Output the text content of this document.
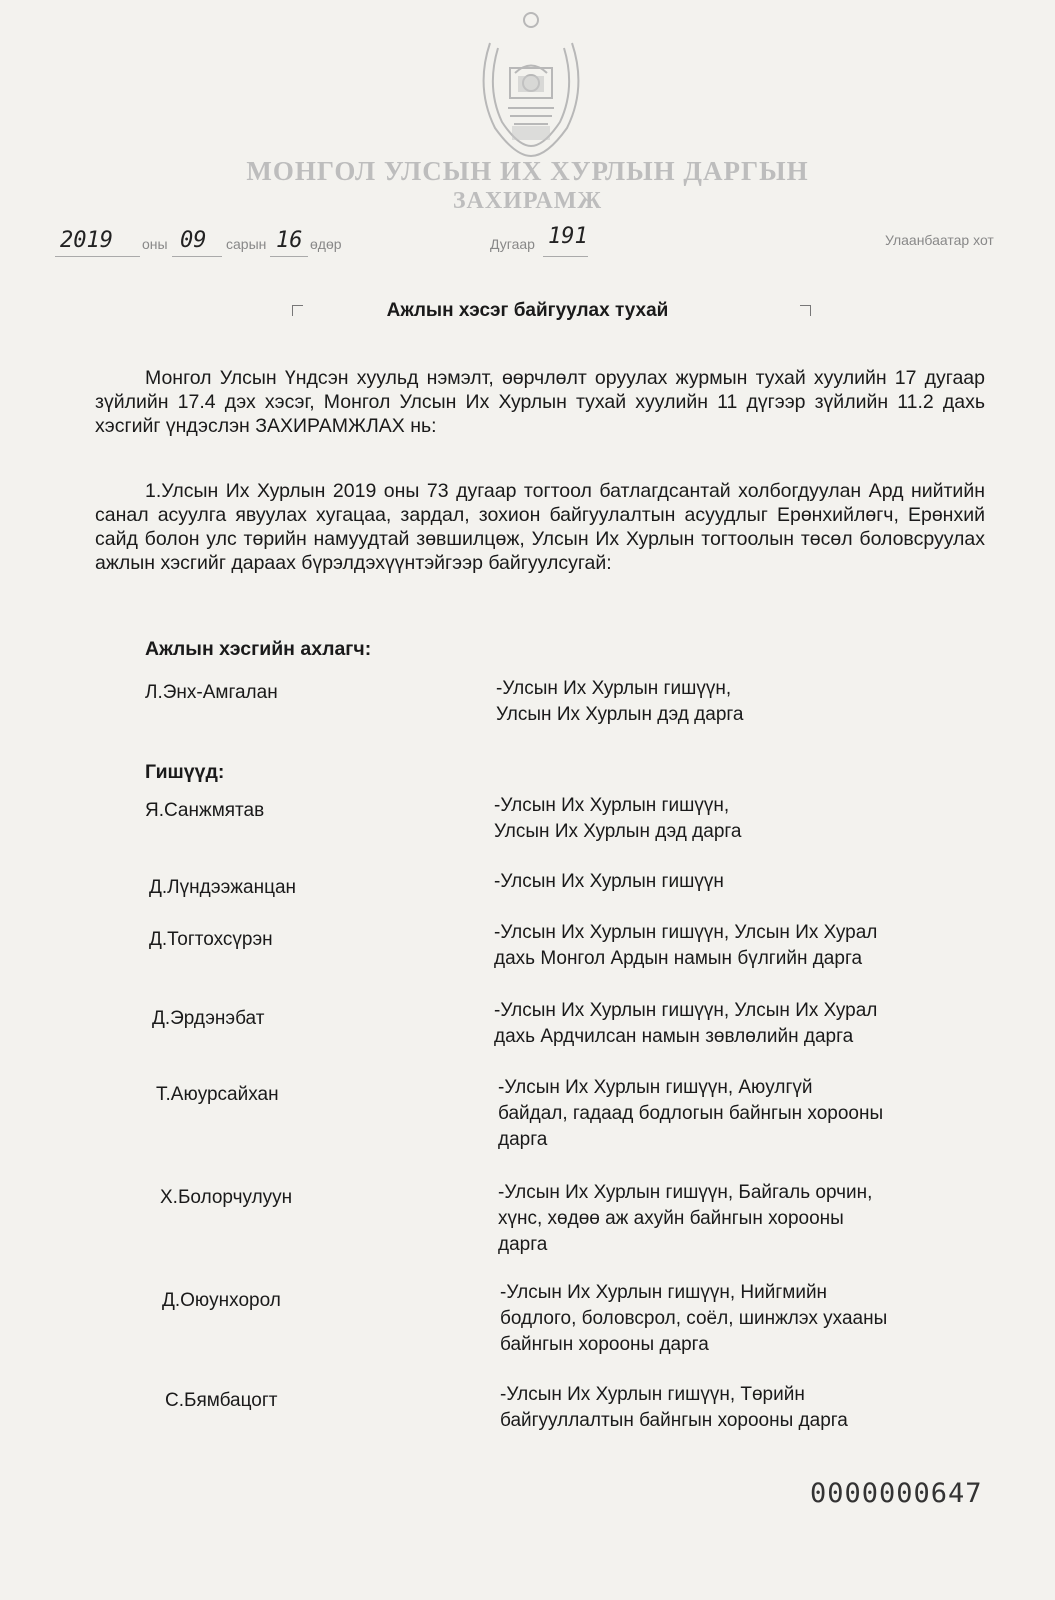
МОНГОЛ УЛСЫН ИХ ХУРЛЫН ДАРГЫН
ЗАХИРАМЖ
2019 оны 09 сарын 16 өдөр	Дугаар 191	Улаанбаатар хот
Ажлын хэсэг байгуулах тухай
Монгол Улсын Үндсэн хуульд нэмэлт, өөрчлөлт оруулах журмын тухай хуулийн 17 дугаар зүйлийн 17.4 дэх хэсэг, Монгол Улсын Их Хурлын тухай хуулийн 11 дүгээр зүйлийн 11.2 дахь хэсгийг үндэслэн ЗАХИРАМЖЛАХ нь:
1.Улсын Их Хурлын 2019 оны 73 дугаар тогтоол батлагдсантай холбогдуулан Ард нийтийн санал асуулга явуулах хугацаа, зардал, зохион байгуулалтын асуудлыг Ерөнхийлөгч, Ерөнхий сайд болон улс төрийн намуудтай зөвшилцөж, Улсын Их Хурлын тогтоолын төсөл боловсруулах ажлын хэсгийг дараах бүрэлдэхүүнтэйгээр байгуулсугай:
Ажлын хэсгийн ахлагч:
Л.Энх-Амгалан	-Улсын Их Хурлын гишүүн,
Улсын Их Хурлын дэд дарга
Гишүүд:
Я.Санжмятав	-Улсын Их Хурлын гишүүн,
Улсын Их Хурлын дэд дарга
Д.Лүндээжанцан	-Улсын Их Хурлын гишүүн
Д.Тогтохсүрэн	-Улсын Их Хурлын гишүүн, Улсын Их Хурал
дахь Монгол Ардын намын бүлгийн дарга
Д.Эрдэнэбат	-Улсын Их Хурлын гишүүн, Улсын Их Хурал
дахь Ардчилсан намын зөвлөлийн дарга
Т.Аюурсайхан	-Улсын Их Хурлын гишүүн, Аюулгүй
байдал, гадаад бодлогын байнгын хорооны
дарга
Х.Болорчулуун	-Улсын Их Хурлын гишүүн, Байгаль орчин,
хүнс, хөдөө аж ахуйн байнгын хорооны
дарга
Д.Оюунхорол	-Улсын Их Хурлын гишүүн, Нийгмийн
бодлого, боловсрол, соёл, шинжлэх ухааны
байнгын хорооны дарга
С.Бямбацогт	-Улсын Их Хурлын гишүүн, Төрийн
байгууллалтын байнгын хорооны дарга
0000000647
